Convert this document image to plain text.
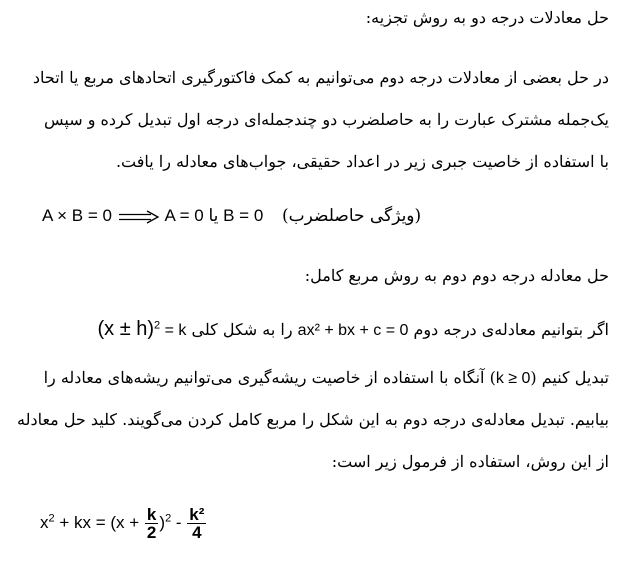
حل معادلات درجه دو به روش تجزیه:
در حل بعضی از معادلات درجه دوم می‌توانیم به کمک فاکتورگیری اتحادهای مربع یا اتحاد
یک‌جمله مشترک عبارت را به حاصلضرب دو چندجمله‌ای درجه اول تبدیل کرده و سپس
با استفاده از خاصیت جبری زیر در اعداد حقیقی، جواب‌های معادله را یافت.
A × B = 0	A = 0 یا B = 0 (ویژگی حاصلضرب)
حل معادله درجه دوم دوم به روش مربع کامل:
اگر بتوانیم معادله‌ی درجه دوم ax² + bx + c = 0 را به شکل کلی $(x \pm h)^2 = k$
تبدیل کنیم (k ≥ 0) آنگاه با استفاده از خاصیت ریشه‌گیری می‌توانیم ریشه‌های معادله را
بیابیم. تبدیل معادله‌ی درجه دوم به این شکل را مربع کامل کردن می‌گویند. کلید حل معادله
از این روش، استفاده از فرمول زیر است:
$x^2$ + kx = $(x + \frac{k}{2} )^2 - \frac{\text{k²}}{4}$
